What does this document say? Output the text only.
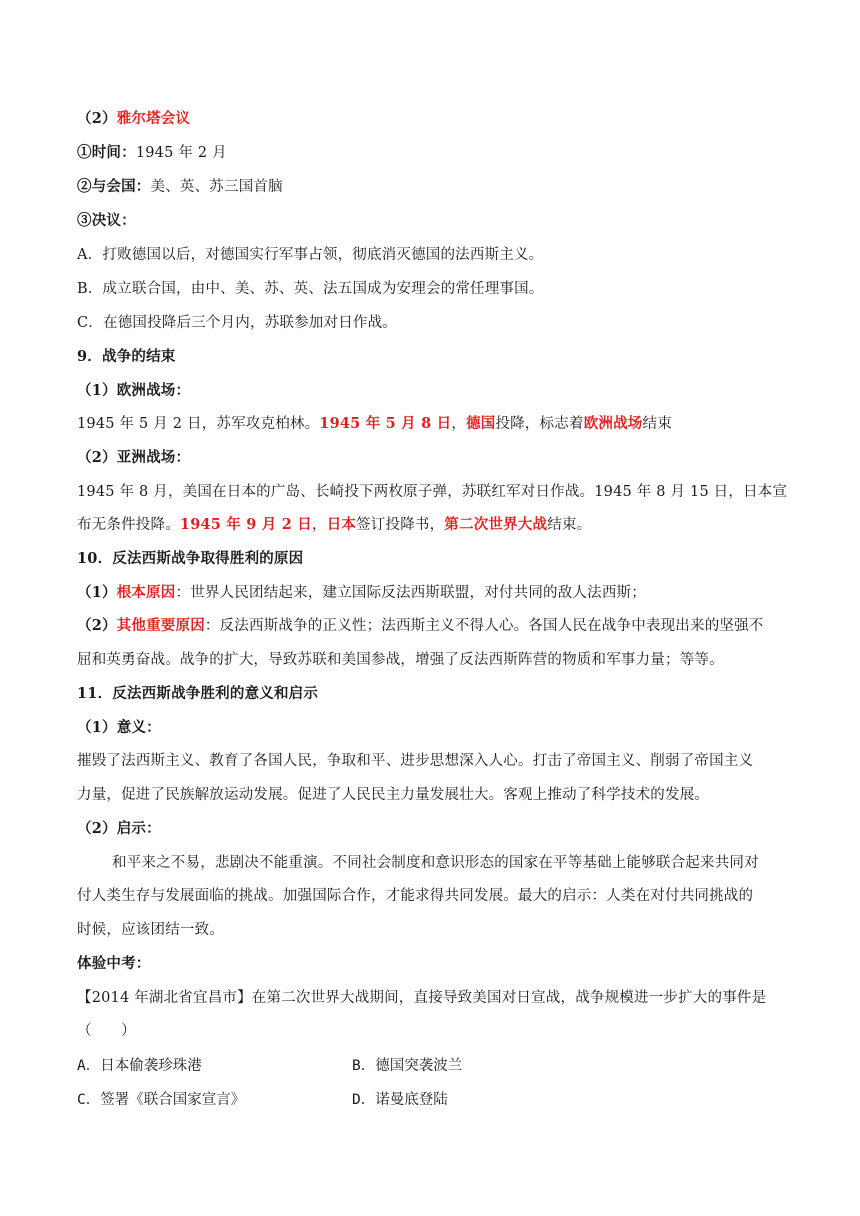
（2）雅尔塔会议
①时间：1945 年 2 月
②与会国：美、英、苏三国首脑
③决议：
A．打败德国以后，对德国实行军事占领，彻底消灭德国的法西斯主义。
B．成立联合国，由中、美、苏、英、法五国成为安理会的常任理事国。
C．在德国投降后三个月内，苏联参加对日作战。
9．战争的结束
（1）欧洲战场：
1945 年 5 月 2 日，苏军攻克柏林。1945 年 5 月 8 日，德国投降，标志着欧洲战场结束
（2）亚洲战场：
1945 年 8 月，美国在日本的广岛、长崎投下两枚原子弹，苏联红军对日作战。1945 年 8 月 15 日，日本宣
布无条件投降。1945 年 9 月 2 日，日本签订投降书，第二次世界大战结束。
10．反法西斯战争取得胜利的原因
（1）根本原因：世界人民团结起来，建立国际反法西斯联盟，对付共同的敌人法西斯；
（2）其他重要原因：反法西斯战争的正义性；法西斯主义不得人心。各国人民在战争中表现出来的坚强不
屈和英勇奋战。战争的扩大，导致苏联和美国参战，增强了反法西斯阵营的物质和军事力量；等等。
11．反法西斯战争胜利的意义和启示
（1）意义：
摧毁了法西斯主义、教育了各国人民，争取和平、进步思想深入人心。打击了帝国主义、削弱了帝国主义
力量，促进了民族解放运动发展。促进了人民民主力量发展壮大。客观上推动了科学技术的发展。
（2）启示：
和平来之不易，悲剧决不能重演。不同社会制度和意识形态的国家在平等基础上能够联合起来共同对
付人类生存与发展面临的挑战。加强国际合作，才能求得共同发展。最大的启示：人类在对付共同挑战的
时候，应该团结一致。
体验中考：
【2014 年湖北省宜昌市】在第二次世界大战期间，直接导致美国对日宣战，战争规模进一步扩大的事件是
（　　）
A．日本偷袭珍珠港	B．德国突袭波兰
C．签署《联合国家宣言》	D．诺曼底登陆
